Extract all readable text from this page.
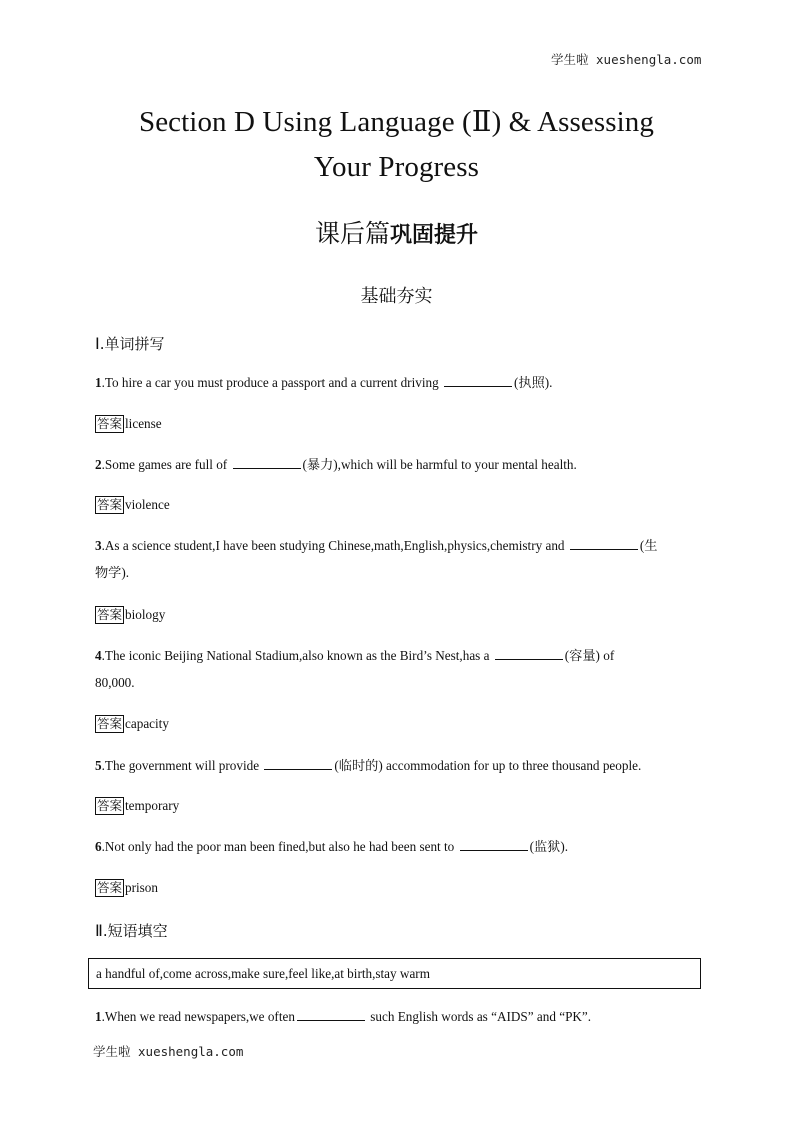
学生啦 xueshengla.com
Section D Using Language (Ⅱ) & Assessing
Your Progress
课后篇巩固提升
基础夯实
Ⅰ.单词拼写
1.To hire a car you must produce a passport and a current driving	(执照).
答案 license
2.Some games are full of	(暴力),which will be harmful to your mental health.
答案 violence
3.As a science student,I have been studying Chinese,math,English,physics,chemistry and	(生
物学).
答案 biology
4.The iconic Beijing National Stadium,also known as the Bird’s Nest,has a	(容量) of
80,000.
答案 capacity
5.The government will provide	(临时的) accommodation for up to three thousand people.
答案 temporary
6.Not only had the poor man been fined,but also he had been sent to	(监狱).
答案 prison
Ⅱ.短语填空
a handful of,come across,make sure,feel like,at birth,stay warm
1.When we read newspapers,we often	such English words as “AIDS” and “PK”.
学生啦 xueshengla.com
